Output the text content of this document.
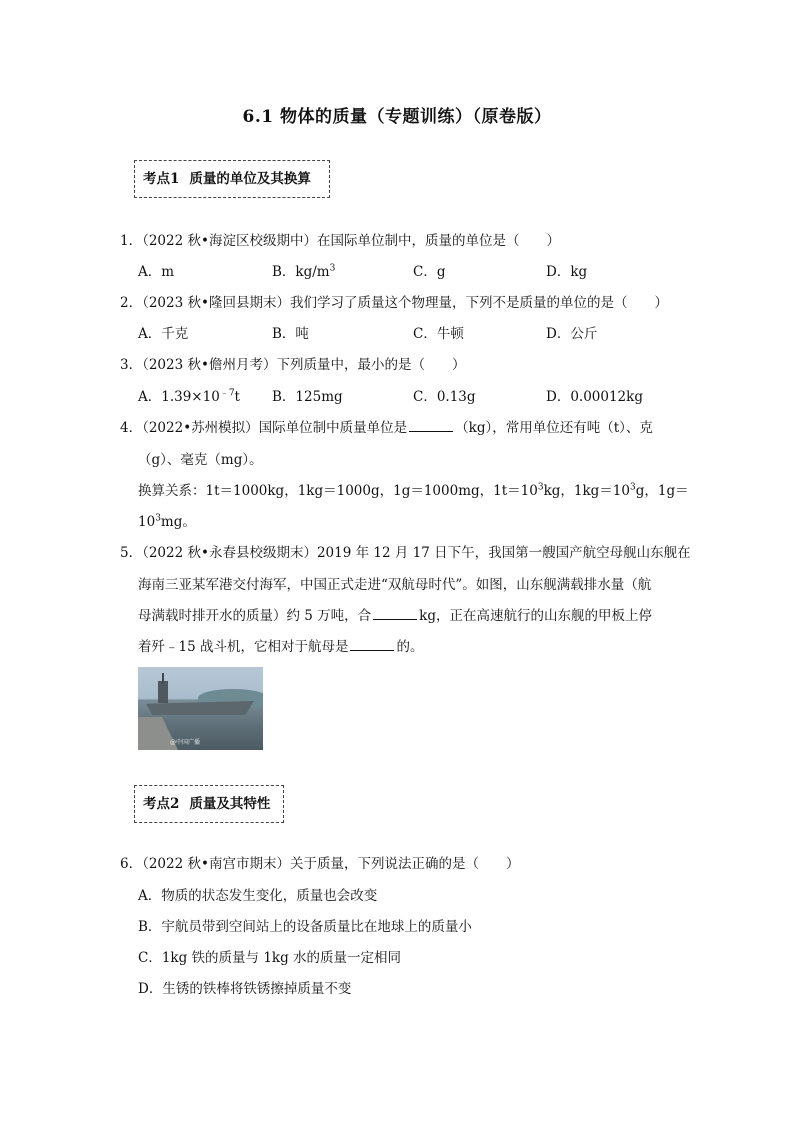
6.1 物体的质量（专题训练）（原卷版）
考点1 质量的单位及其换算
1．（2022 秋•海淀区校级期中）在国际单位制中，质量的单位是（　　）
A．m	B．$kg/m^3$	C．g	D．kg
2．（2023 秋•隆回县期末）我们学习了质量这个物理量，下列不是质量的单位的是（　　）
A．千克	B．吨	C．牛顿	D．公斤
3．（2023 秋•儋州月考）下列质量中，最小的是（　　）
A．$1.39\times 10^{﹣7}t$ B．125mg	C．0.13g	D．0.00012kg
4．（2022•苏州模拟）国际单位制中质量单位是	（kg），常用单位还有吨（t）、克
（g）、毫克（mg）。
换算关系：1t＝1000kg，1kg＝1000g，1g＝1000mg，$1t=10^3kg$，$1kg=10^3g$，1g＝
$10^3mg$。
5．（2022 秋•永春县校级期末）2019 年 12 月 17 日下午，我国第一艘国产航空母舰山东舰在
海南三亚某军港交付海军，中国正式走进“双航母时代”。如图，山东舰满载排水量（航
母满载时排开水的质量）约 5 万吨，合	kg，正在高速航行的山东舰的甲板上停
着歼﹣15 战斗机，它相对于航母是	的。
@中国广播
考点2 质量及其特性
6．（2022 秋•南宫市期末）关于质量，下列说法正确的是（　　）
A．物质的状态发生变化，质量也会改变
B．宇航员带到空间站上的设备质量比在地球上的质量小
C．1kg 铁的质量与 1kg 水的质量一定相同
D．生锈的铁棒将铁锈擦掉质量不变
